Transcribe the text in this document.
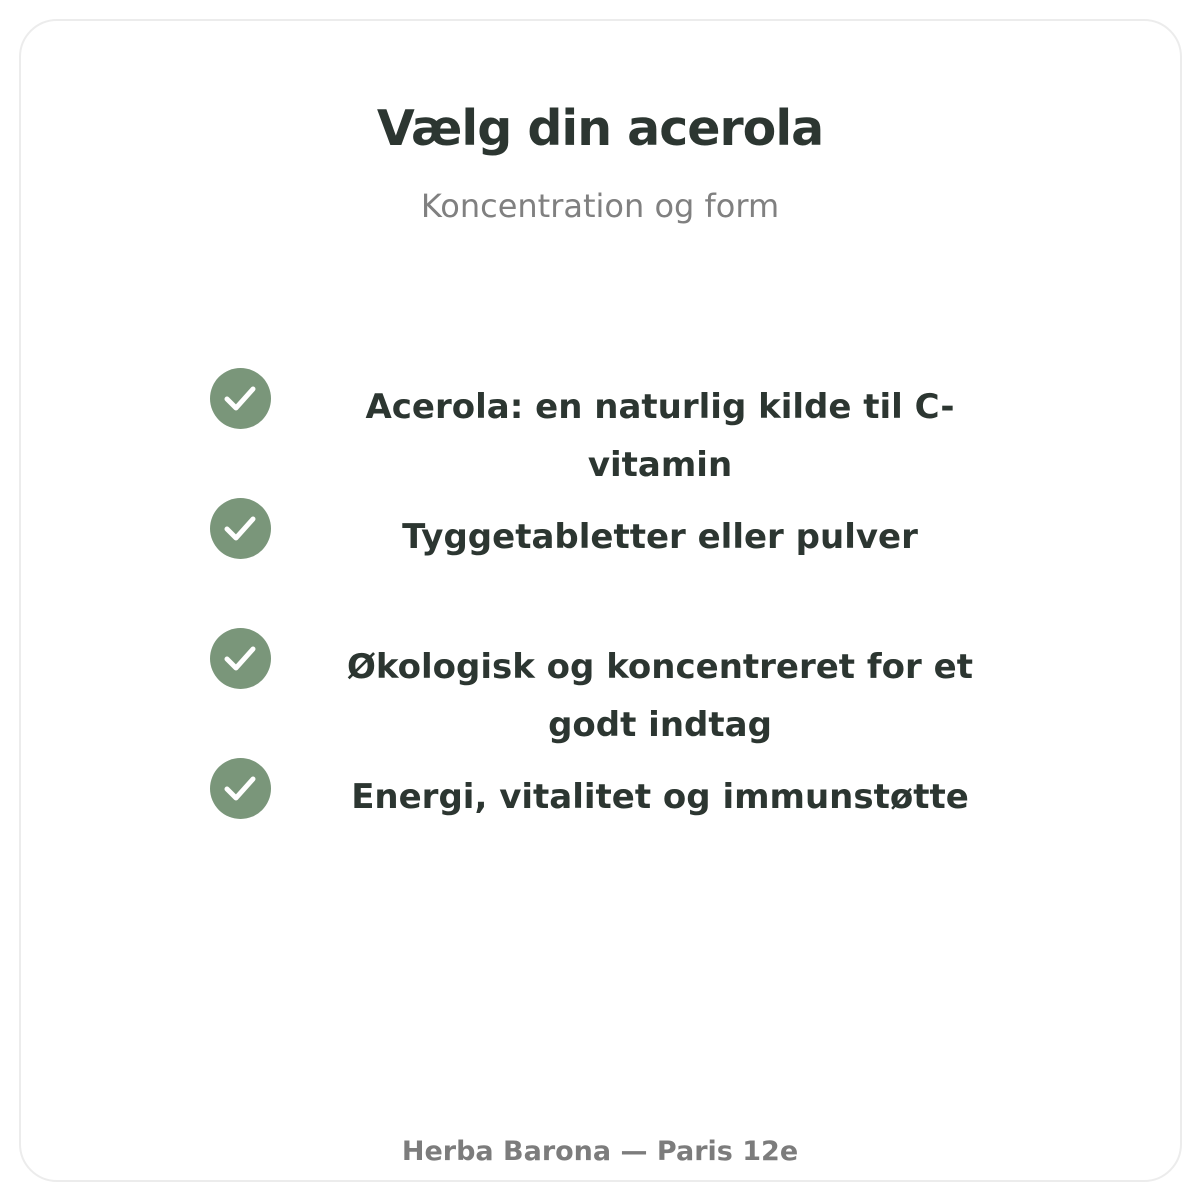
Vælg din acerola
Koncentration og form
Acerola: en naturlig kilde til C-vitamin
Tyggetabletter eller pulver
Økologisk og koncentreret for et godt indtag
Energi, vitalitet og immunstøtte
Herba Barona — Paris 12e
